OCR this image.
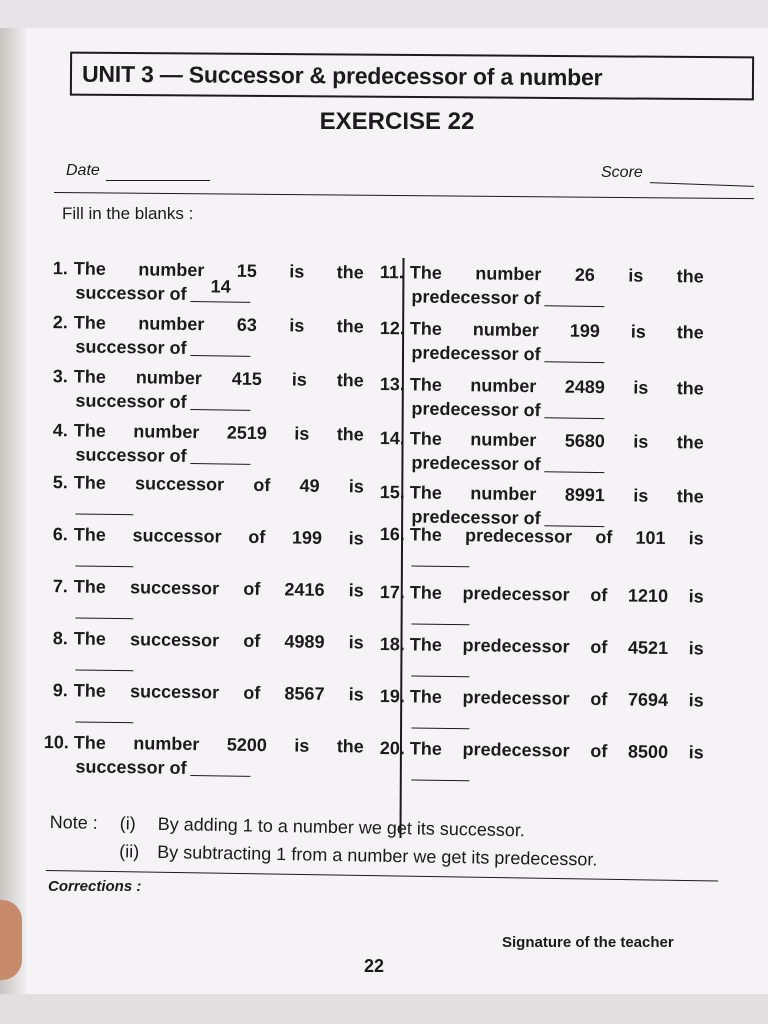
UNIT 3 — Successor & predecessor of a number
EXERCISE 22
Date	Score
Fill in the blanks :
1. The number 15 is the
successor of	14
2. The number 63 is the
successor of
3. The number 415 is the
successor of
4. The number 2519 is the
successor of
5. The successor of 49 is
6. The successor of 199 is
7. The successor of 2416 is
8. The successor of 4989 is
9. The successor of 8567 is
10. The number 5200 is the
successor of
11. The number 26 is the
predecessor of
12. The number 199 is the
predecessor of
13. The number 2489 is the
predecessor of
14. The number 5680 is the
predecessor of
15. The number 8991 is the
predecessor of
16. The predecessor of 101 is
17. The predecessor of 1210 is
18. The predecessor of 4521 is
19. The predecessor of 7694 is
20. The predecessor of 8500 is
Note :	(i)	By adding 1 to a number we get its successor.
(ii) By subtracting 1 from a number we get its predecessor.
Corrections :
Signature of the teacher
22
